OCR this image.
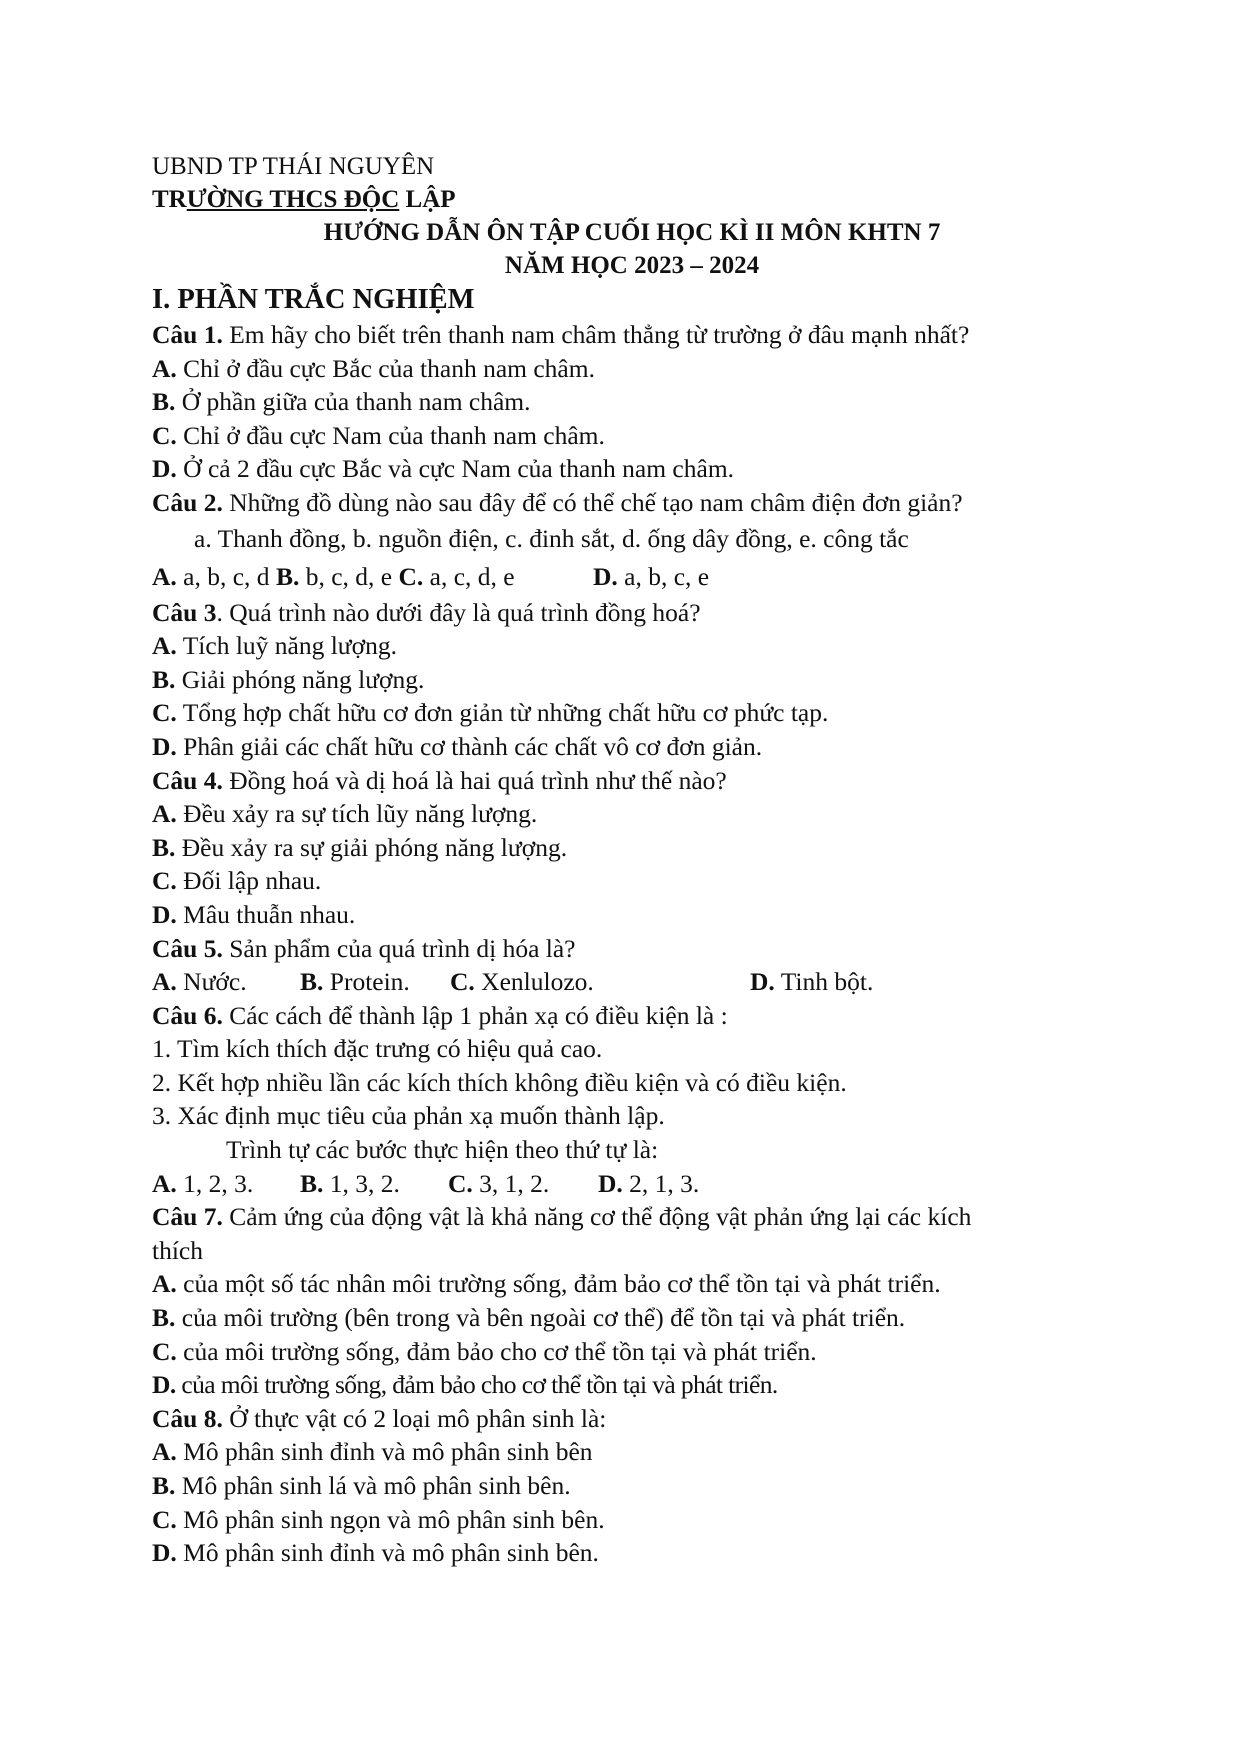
UBND TP THÁI NGUYÊN
TRƯỜNG THCS ĐỘC LẬP
HƯỚNG DẪN ÔN TẬP CUỐI HỌC KÌ II MÔN KHTN 7
NĂM HỌC 2023 – 2024
I. PHẦN TRẮC NGHIỆM
Câu 1. Em hãy cho biết trên thanh nam châm thẳng từ trường ở đâu mạnh nhất?
A. Chỉ ở đầu cực Bắc của thanh nam châm.
B. Ở phần giữa của thanh nam châm.
C. Chỉ ở đầu cực Nam của thanh nam châm.
D. Ở cả 2 đầu cực Bắc và cực Nam của thanh nam châm.
Câu 2. Những đồ dùng nào sau đây để có thể chế tạo nam châm điện đơn giản?
a. Thanh đồng, b. nguồn điện, c. đinh sắt, d. ống dây đồng, e. công tắc
A. a, b, c, d B. b, c, d, e C. a, c, d, e	D. a, b, c, e
Câu 3. Quá trình nào dưới đây là quá trình đồng hoá?
A. Tích luỹ năng lượng.
B. Giải phóng năng lượng.
C. Tổng hợp chất hữu cơ đơn giản từ những chất hữu cơ phức tạp.
D. Phân giải các chất hữu cơ thành các chất vô cơ đơn giản.
Câu 4. Đồng hoá và dị hoá là hai quá trình như thế nào?
A. Đều xảy ra sự tích lũy năng lượng.
B. Đều xảy ra sự giải phóng năng lượng.
C. Đối lập nhau.
D. Mâu thuẫn nhau.
Câu 5. Sản phẩm của quá trình dị hóa là?
A. Nước. B. Protein. C. Xenlulozo.	D. Tinh bột.
Câu 6. Các cách để thành lập 1 phản xạ có điều kiện là :
1. Tìm kích thích đặc trưng có hiệu quả cao.
2. Kết hợp nhiều lần các kích thích không điều kiện và có điều kiện.
3. Xác định mục tiêu của phản xạ muốn thành lập.
Trình tự các bước thực hiện theo thứ tự là:
A. 1, 2, 3. B. 1, 3, 2. C. 3, 1, 2. D. 2, 1, 3.
Câu 7. Cảm ứng của động vật là khả năng cơ thể động vật phản ứng lại các kích
thích
A. của một số tác nhân môi trường sống, đảm bảo cơ thể tồn tại và phát triển.
B. của môi trường (bên trong và bên ngoài cơ thể) để tồn tại và phát triển.
C. của môi trường sống, đảm bảo cho cơ thể tồn tại và phát triển.
D. của môi trường sống, đảm bảo cho cơ thể tồn tại và phát triển.
Câu 8. Ở thực vật có 2 loại mô phân sinh là:
A. Mô phân sinh đỉnh và mô phân sinh bên
B. Mô phân sinh lá và mô phân sinh bên.
C. Mô phân sinh ngọn và mô phân sinh bên.
D. Mô phân sinh đỉnh và mô phân sinh bên.
